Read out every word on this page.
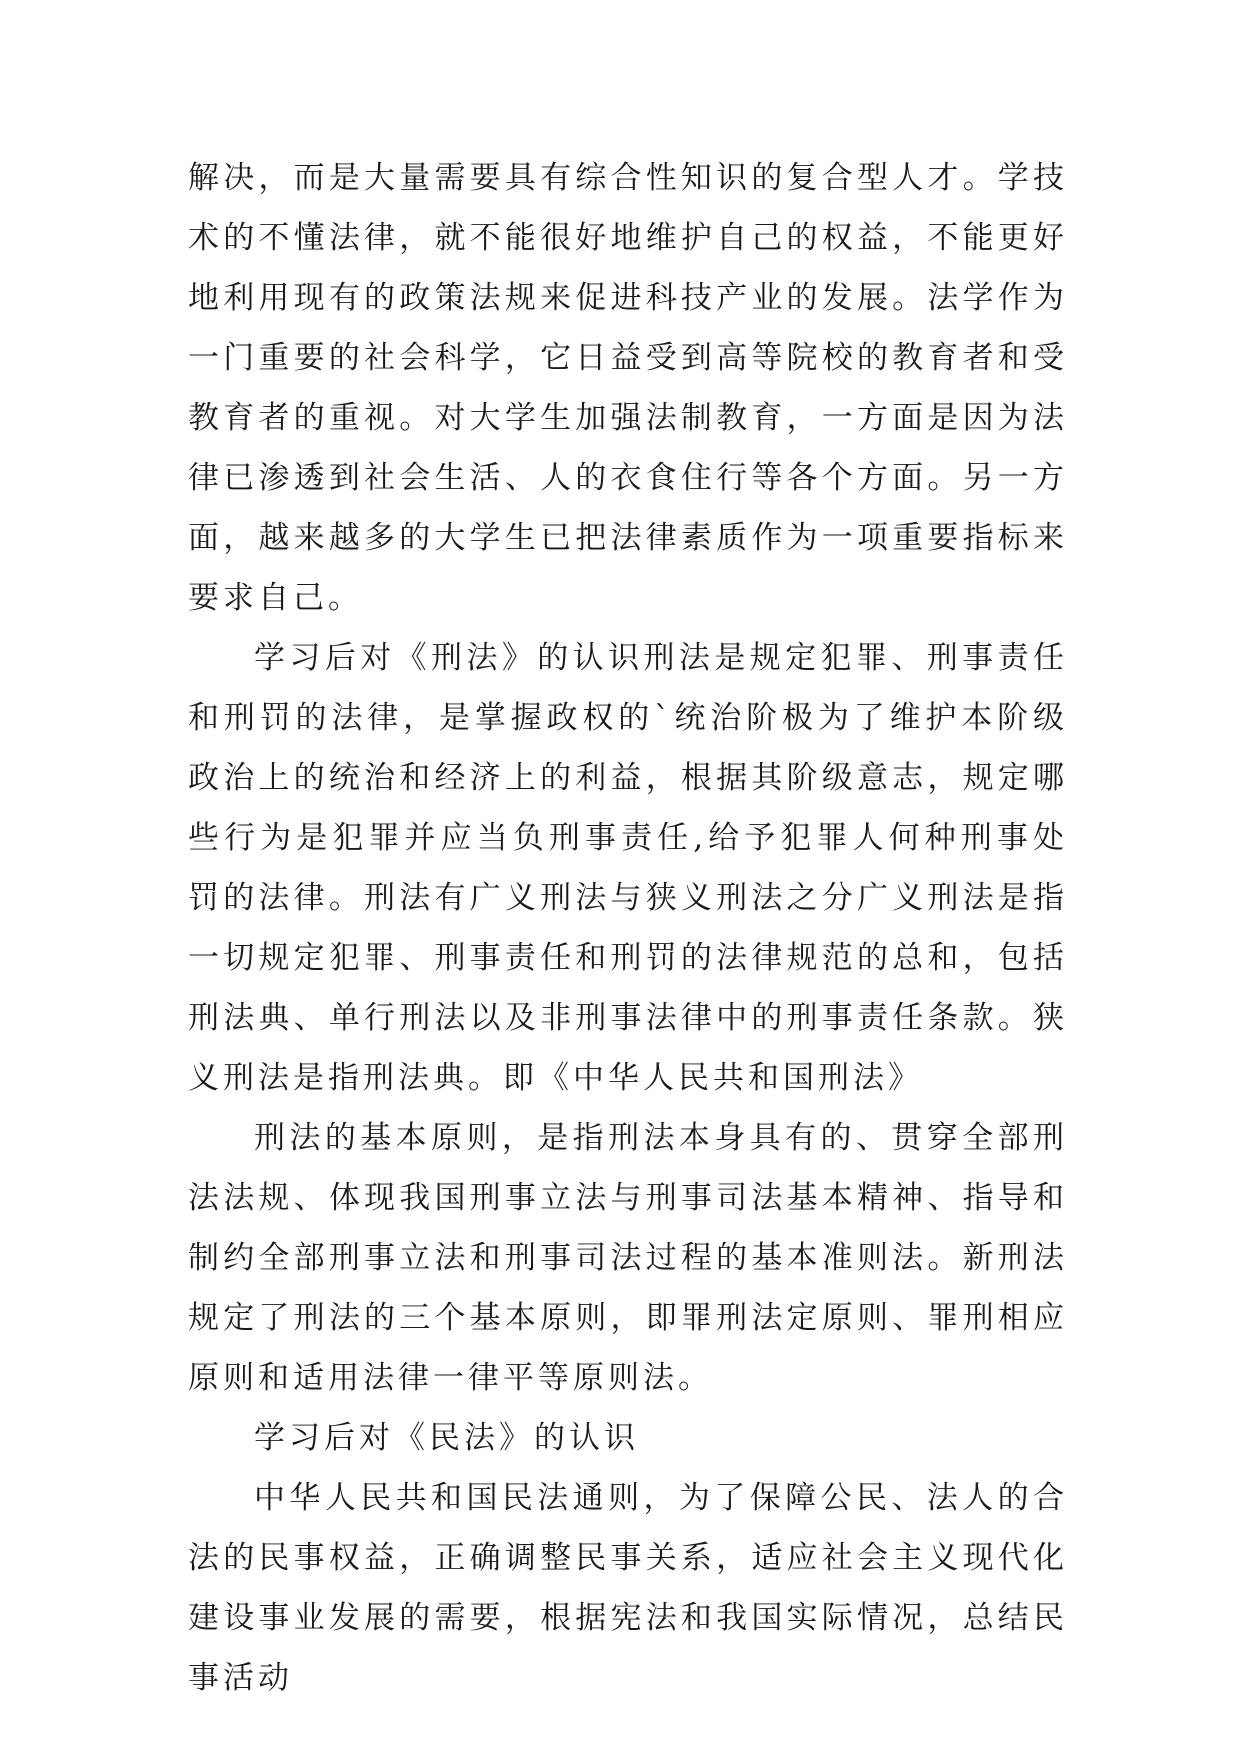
解决，而是大量需要具有综合性知识的复合型人才。学技术的不懂法律，就不能很好地维护自己的权益，不能更好地利用现有的政策法规来促进科技产业的发展。法学作为一门重要的社会科学，它日益受到高等院校的教育者和受教育者的重视。对大学生加强法制教育，一方面是因为法律已渗透到社会生活、人的衣食住行等各个方面。另一方面，越来越多的大学生已把法律素质作为一项重要指标来要求自己。

学习后对《刑法》的认识刑法是规定犯罪、刑事责任和刑罚的法律，是掌握政权的`统治阶极为了维护本阶级政治上的统治和经济上的利益，根据其阶级意志，规定哪些行为是犯罪并应当负刑事责任,给予犯罪人何种刑事处罚的法律。刑法有广义刑法与狭义刑法之分广义刑法是指一切规定犯罪、刑事责任和刑罚的法律规范的总和，包括刑法典、单行刑法以及非刑事法律中的刑事责任条款。狭义刑法是指刑法典。即《中华人民共和国刑法》

刑法的基本原则，是指刑法本身具有的、贯穿全部刑法法规、体现我国刑事立法与刑事司法基本精神、指导和制约全部刑事立法和刑事司法过程的基本准则法。新刑法规定了刑法的三个基本原则，即罪刑法定原则、罪刑相应原则和适用法律一律平等原则法。

学习后对《民法》的认识

中华人民共和国民法通则，为了保障公民、法人的合法的民事权益，正确调整民事关系，适应社会主义现代化建设事业发展的需要，根据宪法和我国实际情况，总结民事活动
